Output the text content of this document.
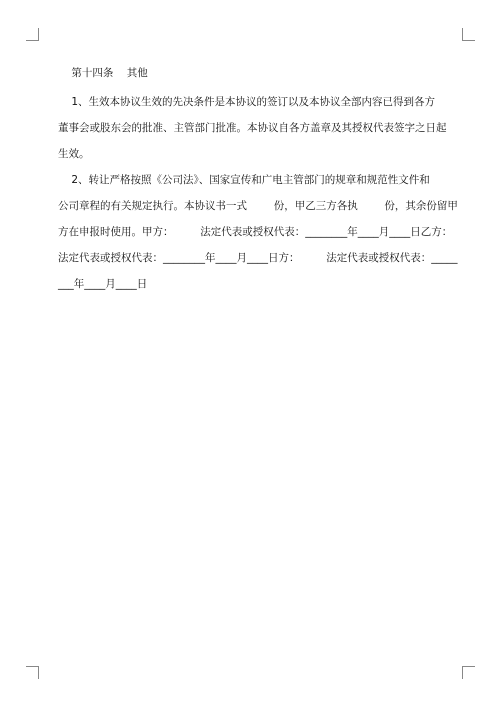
第十四条    其他
1、生效本协议生效的先决条件是本协议的签订以及本协议全部内容已得到各方
董事会或股东会的批准、主管部门批准。本协议自各方盖章及其授权代表签字之日起
生效。
2、转让严格按照《公司法》、国家宣传和广电主管部门的规章和规范性文件和
公司章程的有关规定执行。本协议书一式        份，甲乙三方各执        份，其余份留甲
方在申报时使用。甲方：        法定代表或授权代表：________年____月____日乙方：
法定代表或授权代表：________年____月____日方：        法定代表或授权代表：_____
___年____月____日
